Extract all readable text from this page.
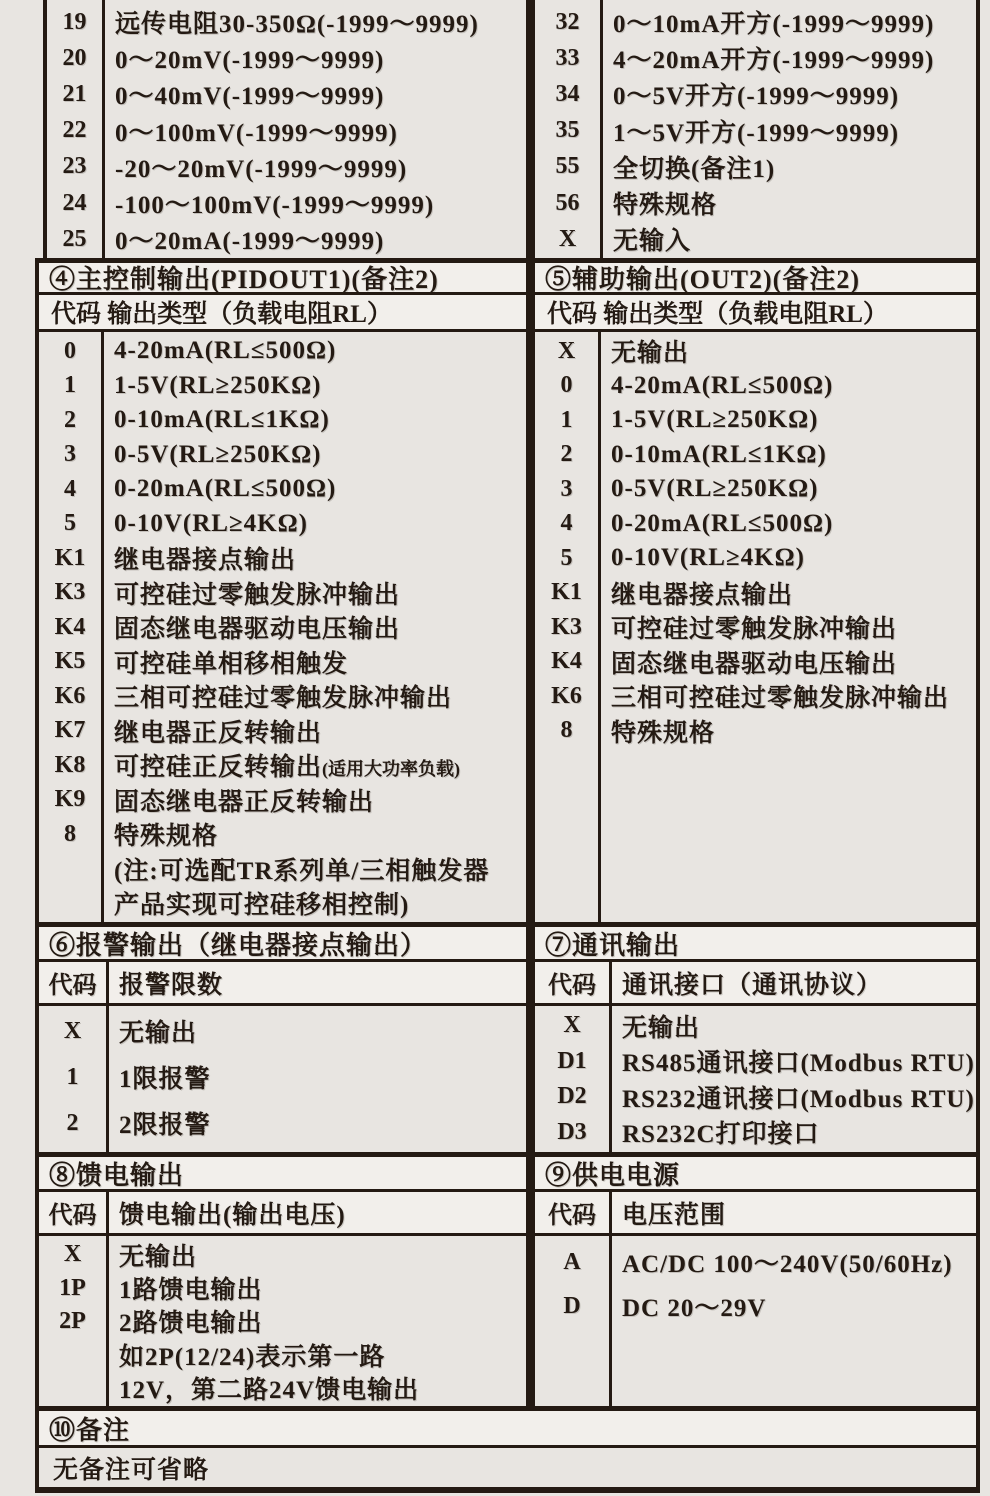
19	远传电阻30-350Ω(-1999～9999)
20	0～20mV(-1999～9999)
21	0～40mV(-1999～9999)
22	0～100mV(-1999～9999)
23	-20～20mV(-1999～9999)
24	-100～100mV(-1999～9999)
25	0～20mA(-1999～9999)
32	0～10mA开方(-1999～9999)
33	4～20mA开方(-1999～9999)
34	0～5V开方(-1999～9999)
35	1～5V开方(-1999～9999)
55	全切换(备注1)
56	特殊规格
X	无输入
④主控制输出(PIDOUT1)(备注2)	⑤辅助输出(OUT2)(备注2)
代码 输出类型（负载电阻RL）	代码 输出类型（负载电阻RL）
0	4-20mA(RL≤500Ω)
1	1-5V(RL≥250KΩ)
2	0-10mA(RL≤1KΩ)
3	0-5V(RL≥250KΩ)
4	0-20mA(RL≤500Ω)
5	0-10V(RL≥4KΩ)
K1	继电器接点输出
K3	可控硅过零触发脉冲输出
K4	固态继电器驱动电压输出
K5	可控硅单相移相触发
K6	三相可控硅过零触发脉冲输出
K7	继电器正反转输出
K8	可控硅正反转输出(适用大功率负载)
K9	固态继电器正反转输出
8	特殊规格
(注:可选配TR系列单/三相触发器
产品实现可控硅移相控制)
X	无输出
0	4-20mA(RL≤500Ω)
1	1-5V(RL≥250KΩ)
2	0-10mA(RL≤1KΩ)
3	0-5V(RL≥250KΩ)
4	0-20mA(RL≤500Ω)
5	0-10V(RL≥4KΩ)
K1	继电器接点输出
K3	可控硅过零触发脉冲输出
K4	固态继电器驱动电压输出
K6	三相可控硅过零触发脉冲输出
8	特殊规格
⑥报警输出（继电器接点输出）	⑦通讯输出
代码 报警限数	代码	通讯接口（通讯协议）
X	无输出
1	1限报警
2	2限报警
X	无输出
D1	RS485通讯接口(Modbus RTU)
D2	RS232通讯接口(Modbus RTU)
D3	RS232C打印接口
⑧馈电输出	⑨供电电源
代码 馈电输出(输出电压)	代码	电压范围
X	无输出
1P	1路馈电输出
2P	2路馈电输出
如2P(12/24)表示第一路
12V，第二路24V馈电输出
A	AC/DC 100～240V(50/60Hz)
D	DC 20～29V
⑩备注
无备注可省略
